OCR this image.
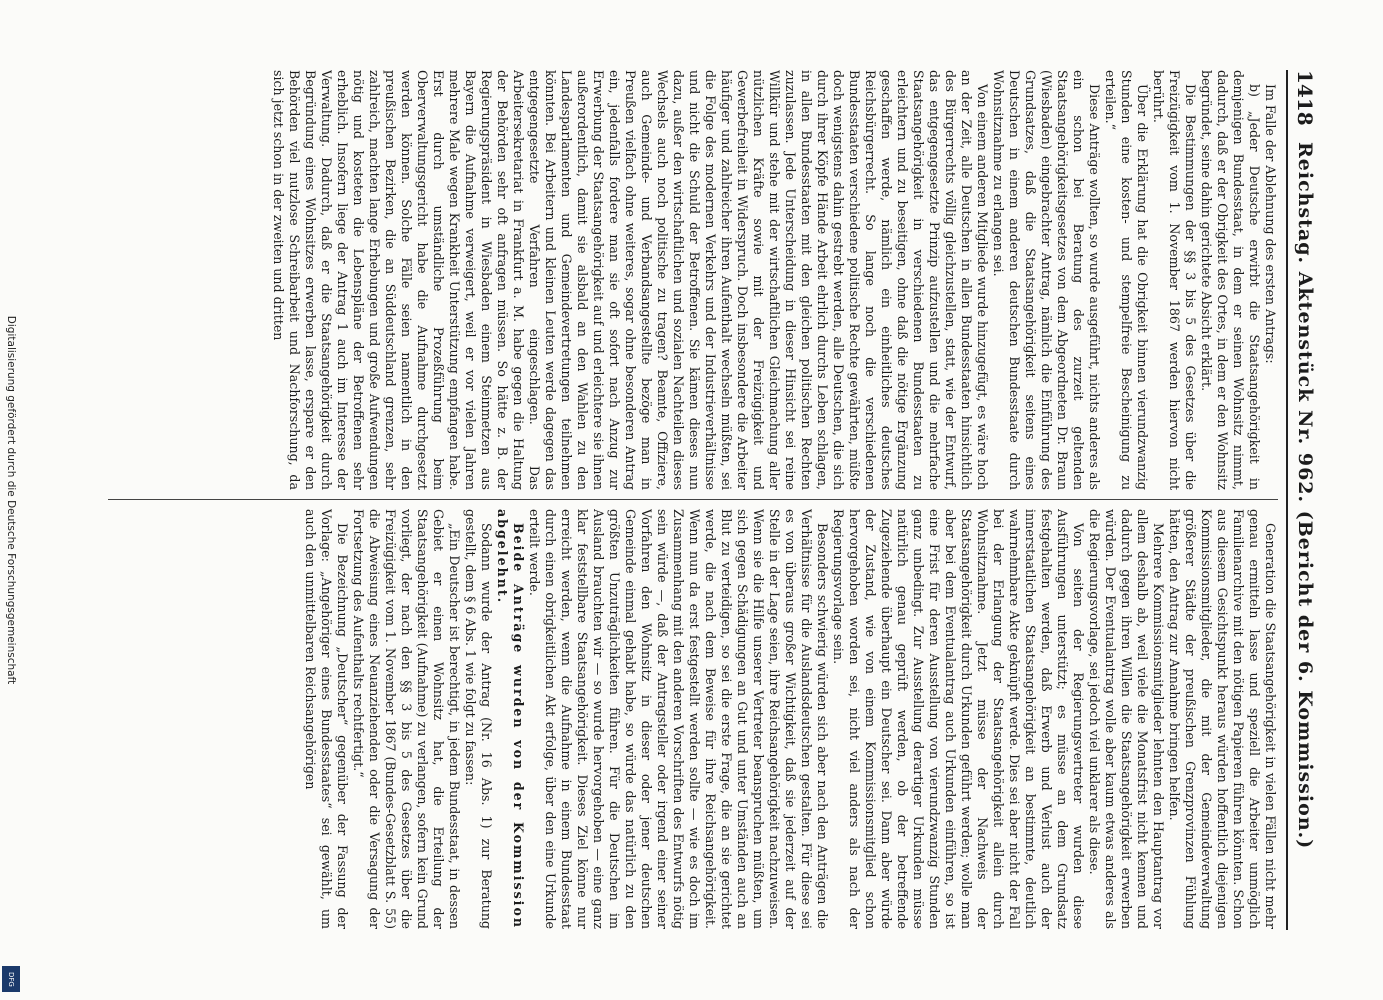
Digitalisierung gefördert durch die Deutsche Forschungsgemeinschaft
DFG
1418
Reichstag. Aktenstück Nr. 962. (Bericht der 6. Kommission.)

Im Falle der Ablehnung des ersten Antrags:

b) „Jeder Deutsche erwirbt die Staatsangehörigkeit in demjenigen Bundesstaat, in dem er seinen Wohnsitz nimmt, dadurch, daß er der Obrigkeit des Ortes, in dem er den Wohnsitz begründet, seine dahin gerichtete Absicht erklärt.

Die Bestimmungen der §§ 3 bis 5 des Gesetzes über die Freizügigkeit vom 1. November 1867 werden hiervon nicht berührt.

Über die Erklärung hat die Obrigkeit binnen vierundzwanzig Stunden eine kosten- und stempelfreie Bescheinigung zu erteilen.“

Diese Anträge wollten, so wurde ausgeführt, nichts anderes als ein schon bei Beratung des zurzeit geltenden Staatsangehörigkeitsgesetzes von dem Abgeordneten Dr. Braun (Wiesbaden) eingebrachter Antrag, nämlich die Einführung des Grundsatzes, daß die Staatsangehörigkeit seitens eines Deutschen in einem anderen deutschen Bundesstaate durch Wohnsitznahme zu erlangen sei.

Von einem anderen Mitgliede wurde hinzugefügt, es wäre hoch an der Zeit, alle Deutschen in allen Bundesstaaten hinsichtlich des Bürgerrechts völlig gleichzustellen, statt, wie der Entwurf, das entgegengesetzte Prinzip aufzustellen und die mehrfache Staatsangehörigkeit in verschiedenen Bundesstaaten zu erleichtern und zu beseitigen, ohne daß die nötige Ergänzung geschaffen werde, nämlich ein einheitliches deutsches Reichsbürgerrecht. So lange noch die verschiedenen Bundesstaaten verschiedene politische Rechte gewährten, müßte doch wenigstens dahin gestrebt werden, alle Deutschen, die sich durch ihrer Köpfe Hände Arbeit ehrlich durchs Leben schlagen, in allen Bundesstaaten mit den gleichen politischen Rechten zuzulassen. Jede Unterscheidung in dieser Hinsicht sei reine Willkür und stehe mit der wirtschaftlichen Gleichmachung aller nützlichen Kräfte sowie mit der Freizügigkeit und Gewerbefreiheit in Widerspruch. Doch insbesondere die Arbeiter häufiger und zahlreicher ihren Aufenthalt wechseln müßten, sei die Folge des modernen Verkehrs und der Industrieverhältnisse und nicht die Schuld der Betroffenen. Sie kämen dieses nun dazu, außer den wirtschaftlichen und sozialen Nachteilen dieses Wechsels auch noch politische zu tragen? Beamte, Offiziere, auch Gemeinde- und Verbandsangestellte bezöge man in Preußen vielfach ohne weiteres, sogar ohne besonderen Antrag ein, jedenfalls fordere man sie oft sofort nach Anzug zur Erwerbung der Staatsangehörigkeit auf und erleichtere sie ihnen außerordentlich, damit sie alsbald an den Wahlen zu den Landesparlamenten und Gemeindevertretungen teilnehmen könnten. Bei Arbeitern und kleinen Leuten werde dagegen das entgegengesetzte Verfahren eingeschlagen. Das Arbeitersekretariat in Frankfurt a. M. habe gegen die Haltung der Behörden sehr oft anfragen müssen. So hätte z. B. der Regierungspräsident in Wiesbaden einem Steinmetzen aus Bayern die Aufnahme verweigert, weil er vor vielen Jahren mehrere Male wegen Krankheit Unterstützung empfangen habe. Erst durch umständliche Prozeßführung beim Oberverwaltungsgericht habe die Aufnahme durchgesetzt werden können. Solche Fälle seien namentlich in den preußischen Bezirken, die an Süddeutschland grenzen, sehr zahlreich, machten lange Erhebungen und große Aufwendungen nötig und kosteten die Lebenspläne der Betroffenen sehr erheblich. Insofern liege der Antrag 1 auch im Interesse der Verwaltung. Dadurch, daß er die Staatsangehörigkeit durch Begründung eines Wohnsitzes erwerben lasse, erspare er den Behörden viel nutzlose Schreibarbeit und Nachforschung, da sich jetzt schon in der zweiten und dritten

Generation die Staatsangehörigkeit in vielen Fällen nicht mehr genau ermitteln lasse und speziell die Arbeiter unmöglich Familienarchive mit den nötigen Papieren führen könnten. Schon aus diesem Gesichtspunkt heraus würden hoffentlich diejenigen Kommissionsmitglieder, die mit der Gemeindeverwaltung größerer Städte der preußischen Grenzprovinzen Fühlung hätten, den Antrag zur Annahme bringen helfen.

Mehrere Kommissionsmitglieder lehnten den Hauptantrag vor allem deshalb ab, weil viele die Monatsfrist nicht kennen und dadurch gegen ihren Willen die Staatsangehörigkeit erwerben würden. Der Eventualantrag wolle aber kaum etwas anderes als die Regierungsvorlage, sei jedoch viel unklarer als diese.

Von seiten der Regierungsvertreter wurden diese Ausführungen unterstützt; es müsse an dem Grundsatz festgehalten werden, daß Erwerb und Verlust auch der innerstaatlichen Staatsangehörigkeit an bestimmte, deutlich wahrnehmbare Akte geknüpft werde. Dies sei aber nicht der Fall bei der Erlangung der Staatsangehörigkeit allein durch Wohnsitznahme. Jetzt müsse der Nachweis der Staatsangehörigkeit durch Urkunden geführt werden; wolle man aber bei dem Eventualantrag auch Urkunden einführen, so ist eine Frist für deren Ausstellung von vierundzwanzig Stunden ganz unbedingt. Zur Ausstellung derartiger Urkunden müsse natürlich genau geprüft werden, ob der betreffende Zugeziehende überhaupt ein Deutscher sei. Dann aber würde der Zustand, wie von einem Kommissionsmitglied schon hervorgehoben worden sei, nicht viel anders als nach der Regierungsvorlage sein.

Besonders schwierig würden sich aber nach den Anträgen die Verhältnisse für die Auslandsdeutschen gestalten. Für diese sei es von überaus großer Wichtigkeit, daß sie jederzeit auf der Stelle in der Lage seien, ihre Reichsangehörigkeit nachzuweisen. Wenn sie die Hilfe unserer Vertreter beanspruchen müßten, um sich gegen Schädigungen an Gut und unter Umständen auch an Blut zu verteidigen, so sei die erste Frage, die an sie gerichtet werde, die nach dem Beweise für ihre Reichsangehörigkeit. Wenn nun da erst festgestellt werden sollte — wie es doch im Zusammenhang mit den anderen Vorschriften des Entwurfs nötig sein würde —, daß der Antragsteller oder irgend einer seiner Vorfahren den Wohnsitz in dieser oder jener deutschen Gemeinde einmal gehabt habe, so würde das natürlich zu den größten Unzuträglichkeiten führen. Für die Deutschen im Ausland brauchten wir — so wurde hervorgehoben — eine ganz klar feststellbare Staatsangehörigkeit. Dieses Ziel könne nur erreicht werden, wenn die Aufnahme in einem Bundesstaat durch einen obrigkeitlichen Akt erfolge, über den eine Urkunde erteilt werde.

Beide Anträge wurden von der Kommission abgelehnt.

Sodann wurde der Antrag (Nr. 16 Abs. 1) zur Beratung gestellt, dem § 6 Abs. 1 wie folgt zu fassen:

„Ein Deutscher ist berechtigt, in jedem Bundesstaat, in dessen Gebiet er einen Wohnsitz hat, die Erteilung der Staatsangehörigkeit (Aufnahme) zu verlangen, sofern kein Grund vorliegt, der nach den §§ 3 bis 5 des Gesetzes über die Freizügigkeit vom 1. November 1867 (Bundes-Gesetzblatt S. 55) die Abweisung eines Neuanziehenden oder die Versagung der Fortsetzung des Aufenthalts rechtfertigt.“

Die Bezeichnung „Deutscher“ gegenüber der Fassung der Vorlage: „Angehöriger eines Bundesstaates“ sei gewählt, um auch den unmittelbaren Reichsangehörigen
